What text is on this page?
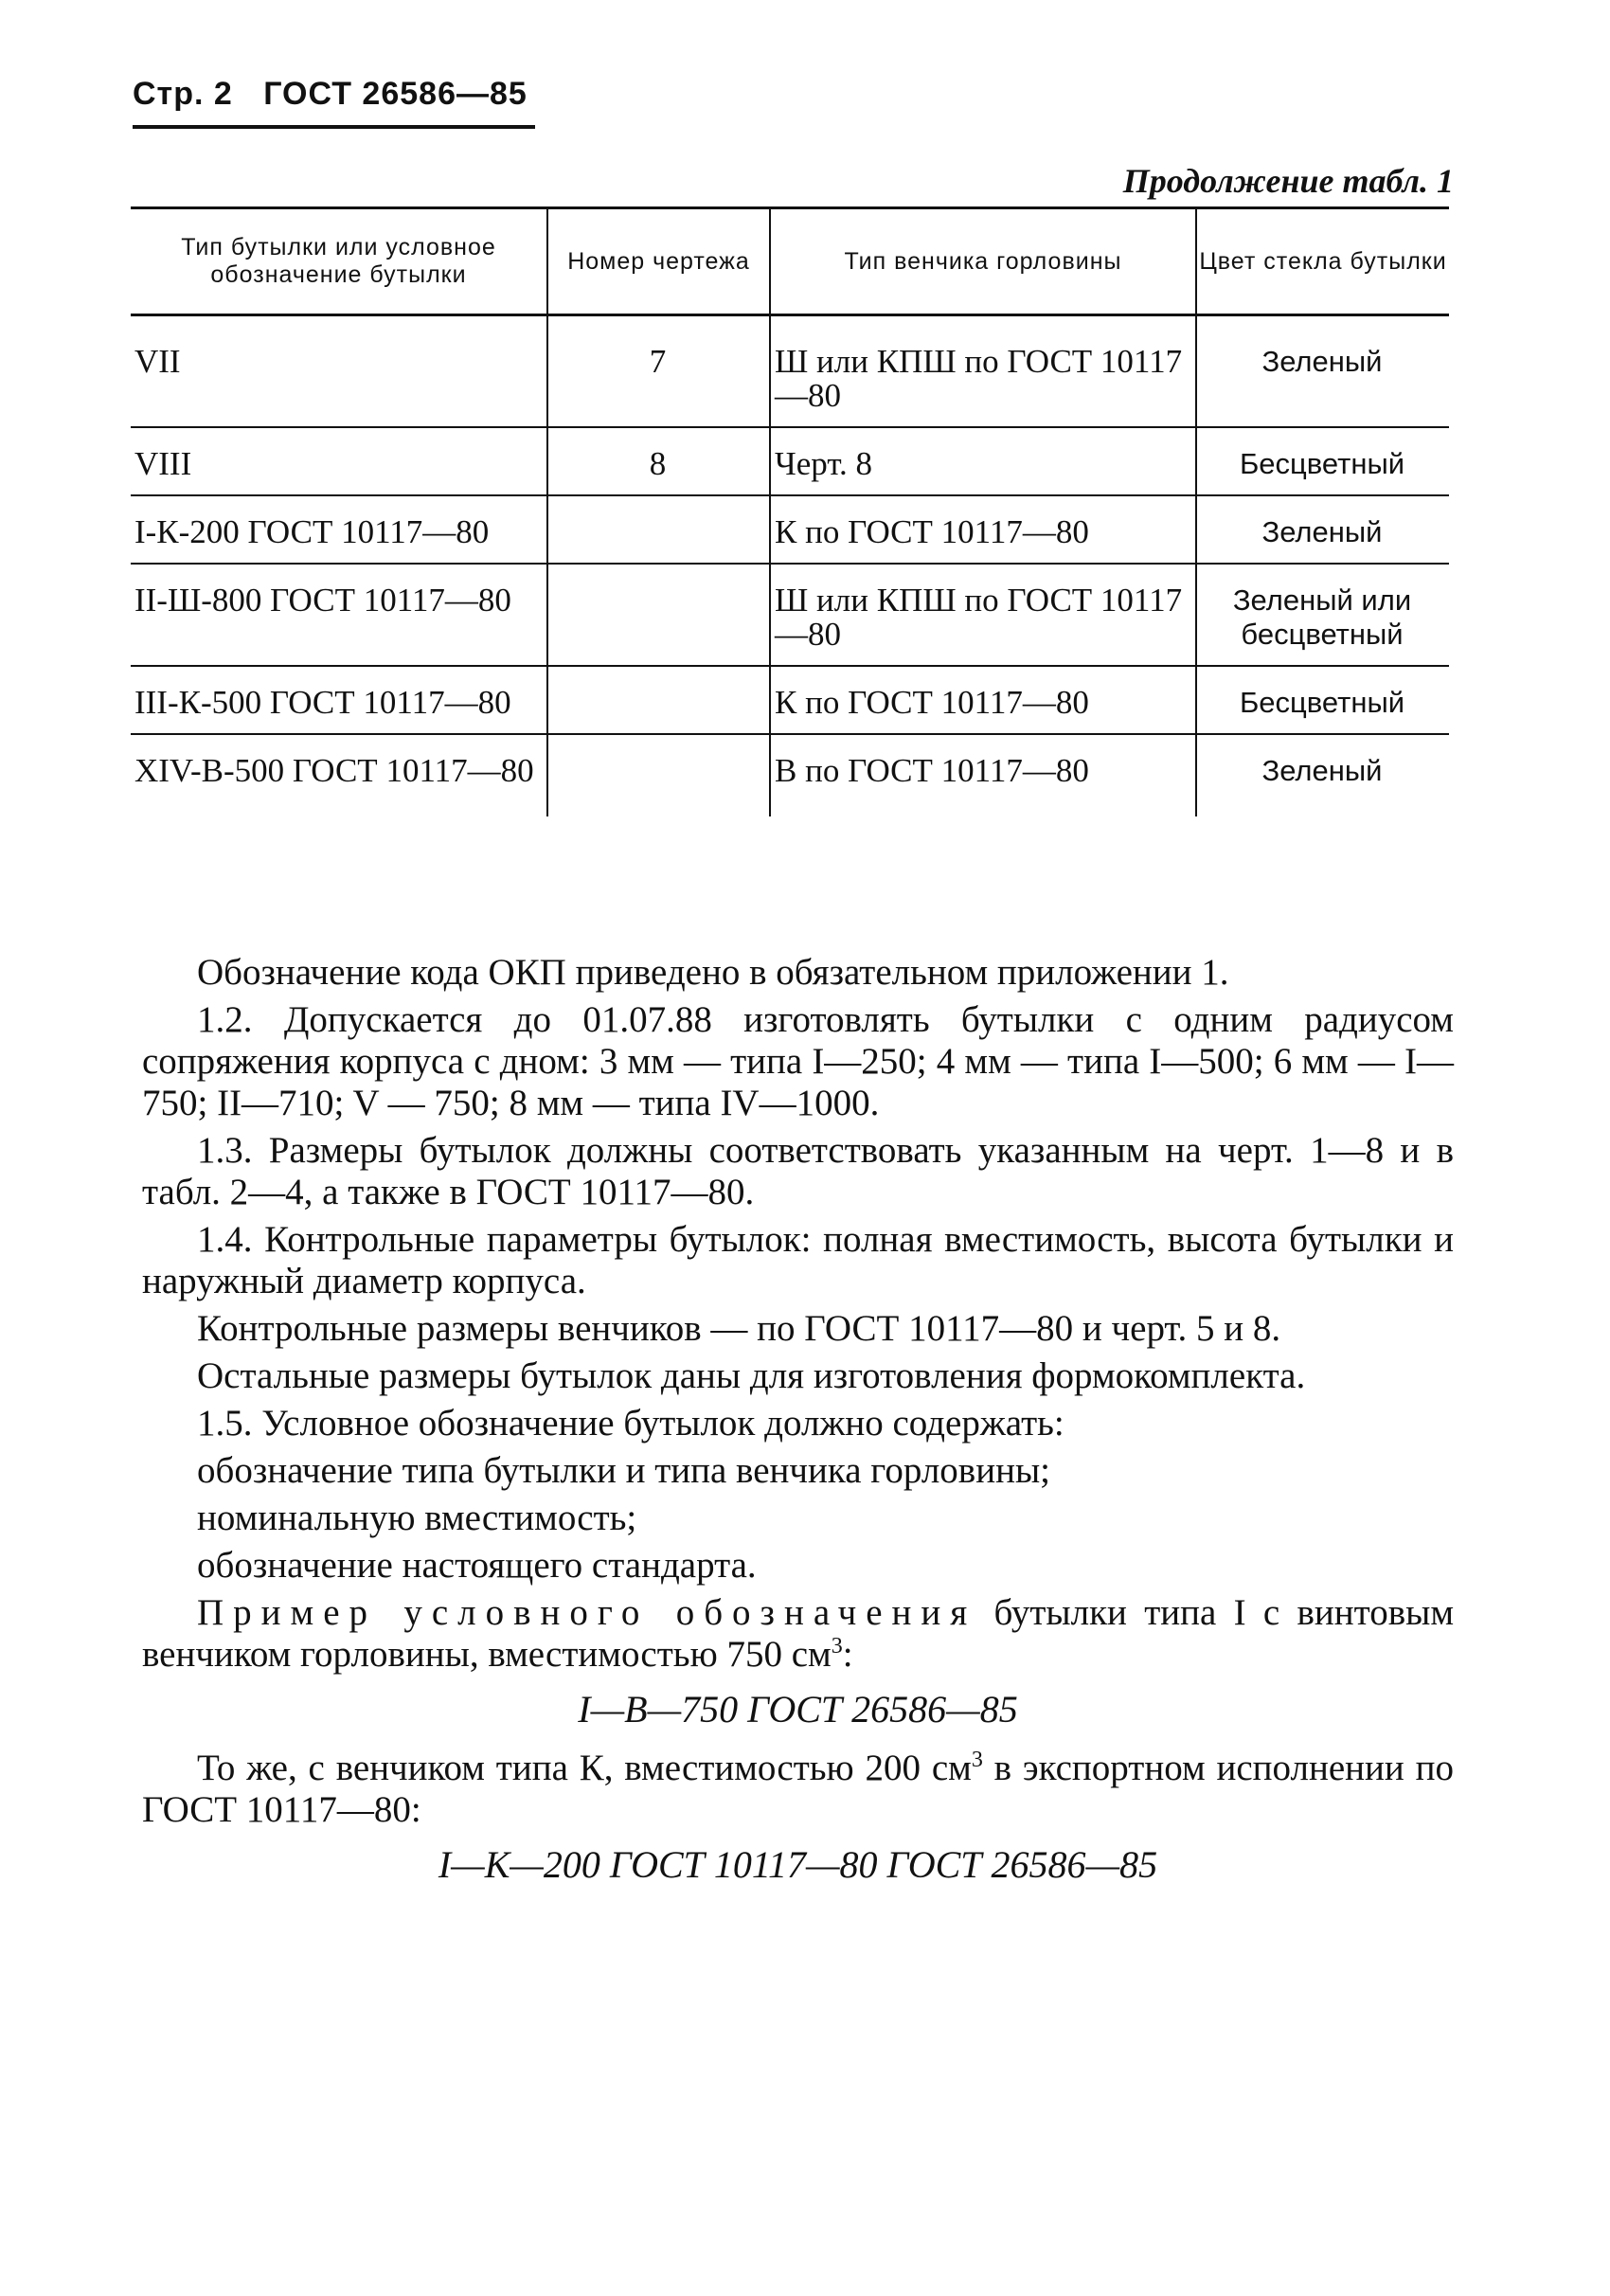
Стр. 2 ГОСТ 26586—85
Продолжение табл. 1
Тип бутылки или условное обозначение бутылки	Номер чертежа	Тип венчика горловины	Цвет стекла бутылки
VII	7	Ш или КПШ по ГОСТ 10117—80	Зеленый
VIII	8	Черт. 8	Бесцветный
I-К-200 ГОСТ 10117—80		К по ГОСТ 10117—80	Зеленый
II-Ш-800 ГОСТ 10117—80		Ш или КПШ по ГОСТ 10117—80	Зеленый или бесцветный
III-К-500 ГОСТ 10117—80		К по ГОСТ 10117—80	Бесцветный
XIV-В-500 ГОСТ 10117—80		В по ГОСТ 10117—80	Зеленый

Обозначение кода ОКП приведено в обязательном приложении 1.

1.2. Допускается до 01.07.88 изготовлять бутылки с одним радиусом сопряжения корпуса с дном: 3 мм — типа I—250; 4 мм — типа I—500; 6 мм — I—750; II—710; V — 750; 8 мм — типа IV—1000.

1.3. Размеры бутылок должны соответствовать указанным на черт. 1—8 и в табл. 2—4, а также в ГОСТ 10117—80.

1.4. Контрольные параметры бутылок: полная вместимость, высота бутылки и наружный диаметр корпуса.

Контрольные размеры венчиков — по ГОСТ 10117—80 и черт. 5 и 8.

Остальные размеры бутылок даны для изготовления формокомплекта.

1.5. Условное обозначение бутылок должно содержать:

обозначение типа бутылки и типа венчика горловины;

номинальную вместимость;

обозначение настоящего стандарта.

Пример условного обозначения бутылки типа I с винтовым венчиком горловины, вместимостью 750 $см^3$:

I—В—750 ГОСТ 26586—85

То же, с венчиком типа К, вместимостью 200 $см^3$ в экспортном исполнении по ГОСТ 10117—80:

I—К—200 ГОСТ 10117—80 ГОСТ 26586—85
